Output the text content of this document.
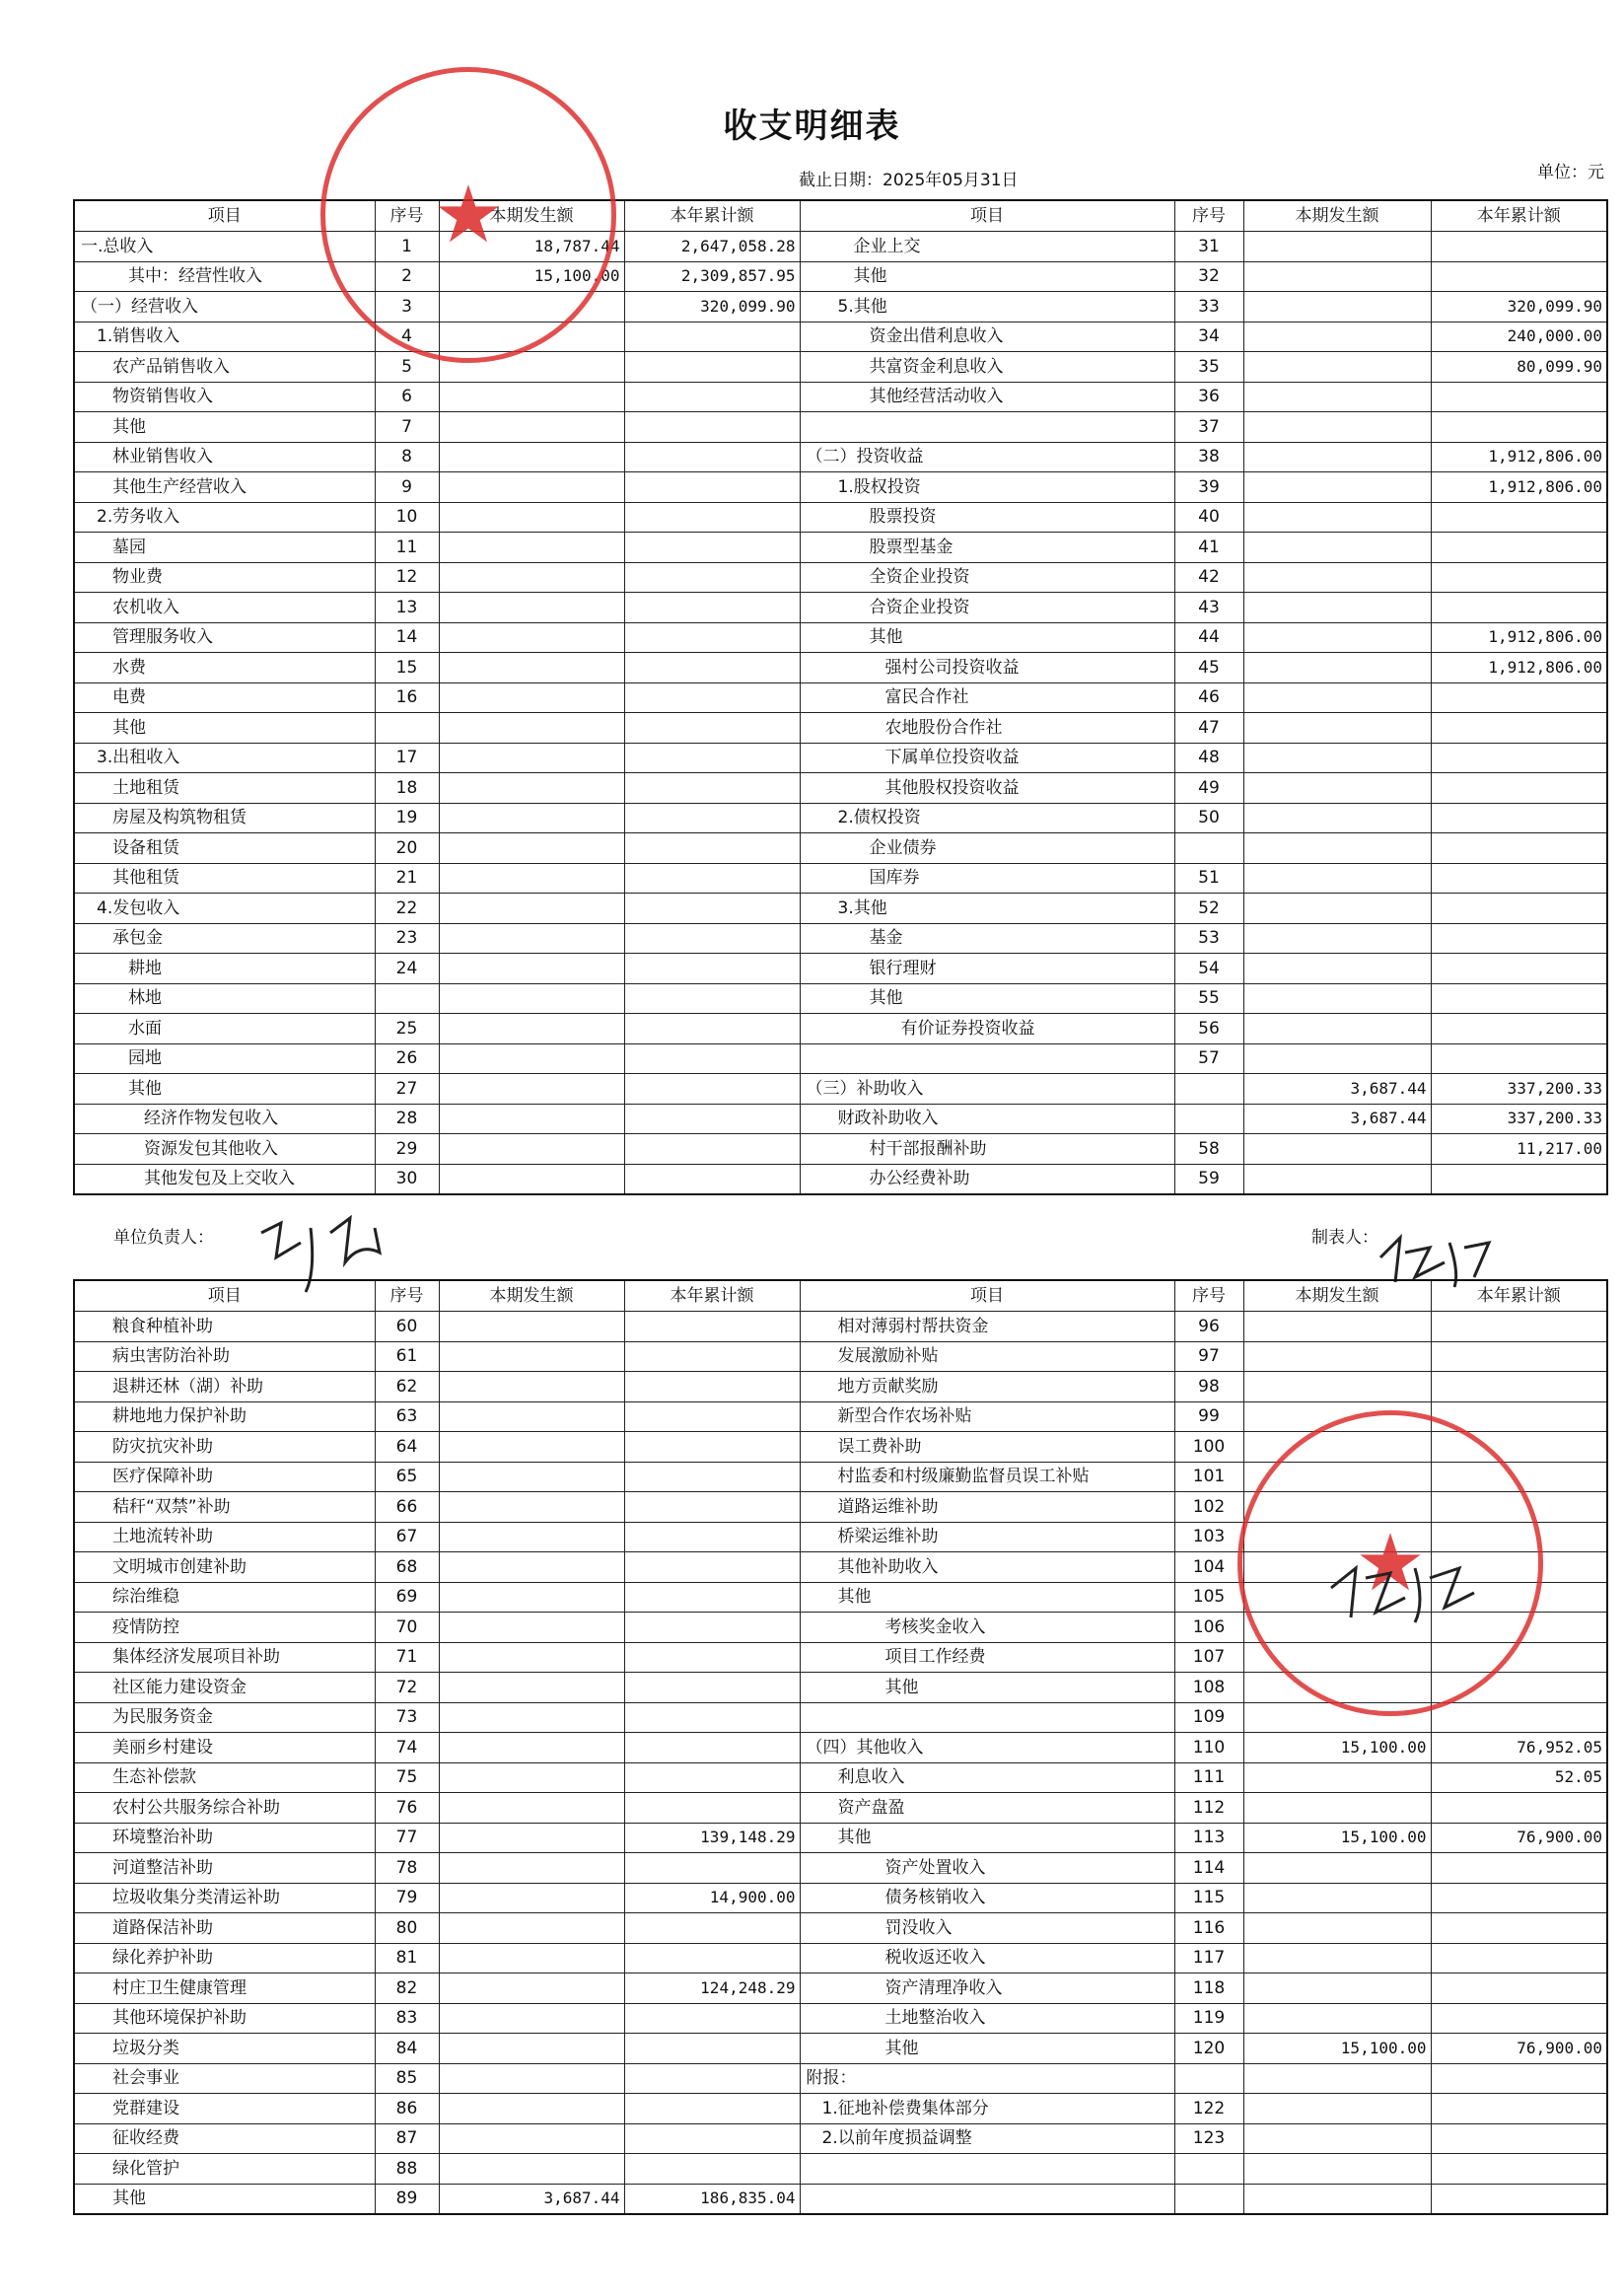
收支明细表
截止日期：2025年05月31日	单位：元
项目	序号	本期发生额	本年累计额	项目	序号	本期发生额	本年累计额
一.总收入	1	18,787.44	2,647,058.28	企业上交	31		
其中：经营性收入	2	15,100.00	2,309,857.95	其他	32		
（一）经营收入	3		320,099.90	5.其他	33		320,099.90
1.销售收入	4			资金出借利息收入	34		240,000.00
农产品销售收入	5			共富资金利息收入	35		80,099.90
物资销售收入	6			其他经营活动收入	36		
其他	7				37		
林业销售收入	8			（二）投资收益	38		1,912,806.00
其他生产经营收入	9			1.股权投资	39		1,912,806.00
2.劳务收入	10			股票投资	40		
墓园	11			股票型基金	41		
物业费	12			全资企业投资	42		
农机收入	13			合资企业投资	43		
管理服务收入	14			其他	44		1,912,806.00
水费	15			强村公司投资收益	45		1,912,806.00
电费	16			富民合作社	46		
其他				农地股份合作社	47		
3.出租收入	17			下属单位投资收益	48		
土地租赁	18			其他股权投资收益	49		
房屋及构筑物租赁	19			2.债权投资	50		
设备租赁	20			企业债券			
其他租赁	21			国库券	51		
4.发包收入	22			3.其他	52		
承包金	23			基金	53		
耕地	24			银行理财	54		
林地				其他	55		
水面	25			有价证券投资收益	56		
园地	26				57		
其他	27			（三）补助收入		3,687.44	337,200.33
经济作物发包收入	28			财政补助收入		3,687.44	337,200.33
资源发包其他收入	29			村干部报酬补助	58		11,217.00
其他发包及上交收入	30			办公经费补助	59		
单位负责人：	制表人：
项目	序号	本期发生额	本年累计额	项目	序号	本期发生额	本年累计额
粮食种植补助	60			相对薄弱村帮扶资金	96		
病虫害防治补助	61			发展激励补贴	97		
退耕还林（湖）补助	62			地方贡献奖励	98		
耕地地力保护补助	63			新型合作农场补贴	99		
防灾抗灾补助	64			误工费补助	100		
医疗保障补助	65			村监委和村级廉勤监督员误工补贴	101		
秸秆“双禁”补助	66			道路运维补助	102		
土地流转补助	67			桥梁运维补助	103		
文明城市创建补助	68			其他补助收入	104		
综治维稳	69			其他	105		
疫情防控	70			考核奖金收入	106		
集体经济发展项目补助	71			项目工作经费	107		
社区能力建设资金	72			其他	108		
为民服务资金	73				109		
美丽乡村建设	74			（四）其他收入	110	15,100.00	76,952.05
生态补偿款	75			利息收入	111		52.05
农村公共服务综合补助	76			资产盘盈	112		
环境整治补助	77		139,148.29	其他	113	15,100.00	76,900.00
河道整洁补助	78			资产处置收入	114		
垃圾收集分类清运补助	79		14,900.00	债务核销收入	115		
道路保洁补助	80			罚没收入	116		
绿化养护补助	81			税收返还收入	117		
村庄卫生健康管理	82		124,248.29	资产清理净收入	118		
其他环境保护补助	83			土地整治收入	119		
垃圾分类	84			其他	120	15,100.00	76,900.00
社会事业	85			附报：			
党群建设	86			1.征地补偿费集体部分	122		
征收经费	87			2.以前年度损益调整	123		
绿化管护	88						
其他	89	3,687.44	186,835.04				
★
★
